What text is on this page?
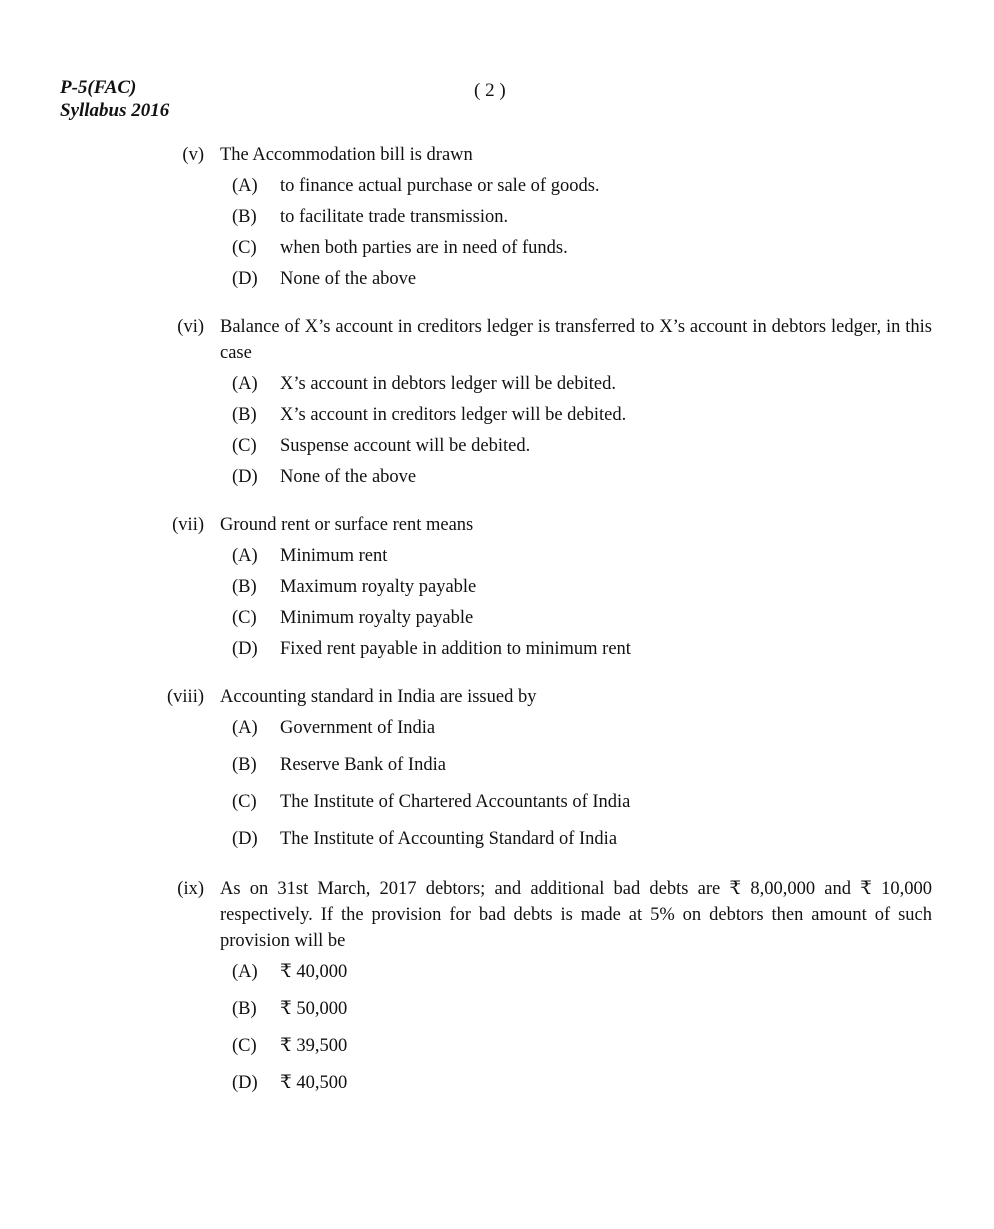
P-5(FAC)
Syllabus 2016
( 2 )
(v) The Accommodation bill is drawn
(A) to finance actual purchase or sale of goods.
(B) to facilitate trade transmission.
(C) when both parties are in need of funds.
(D) None of the above
(vi) Balance of X’s account in creditors ledger is transferred to X’s account in debtors ledger, in this case
(A) X’s account in debtors ledger will be debited.
(B) X’s account in creditors ledger will be debited.
(C) Suspense account will be debited.
(D) None of the above
(vii) Ground rent or surface rent means
(A) Minimum rent
(B) Maximum royalty payable
(C) Minimum royalty payable
(D) Fixed rent payable in addition to minimum rent
(viii) Accounting standard in India are issued by
(A) Government of India
(B) Reserve Bank of India
(C) The Institute of Chartered Accountants of India
(D) The Institute of Accounting Standard of India
(ix) As on 31st March, 2017 debtors; and additional bad debts are ₹ 8,00,000 and ₹ 10,000 respectively. If the provision for bad debts is made at 5% on debtors then amount of such provision will be
(A) ₹ 40,000
(B) ₹ 50,000
(C) ₹ 39,500
(D) ₹ 40,500
